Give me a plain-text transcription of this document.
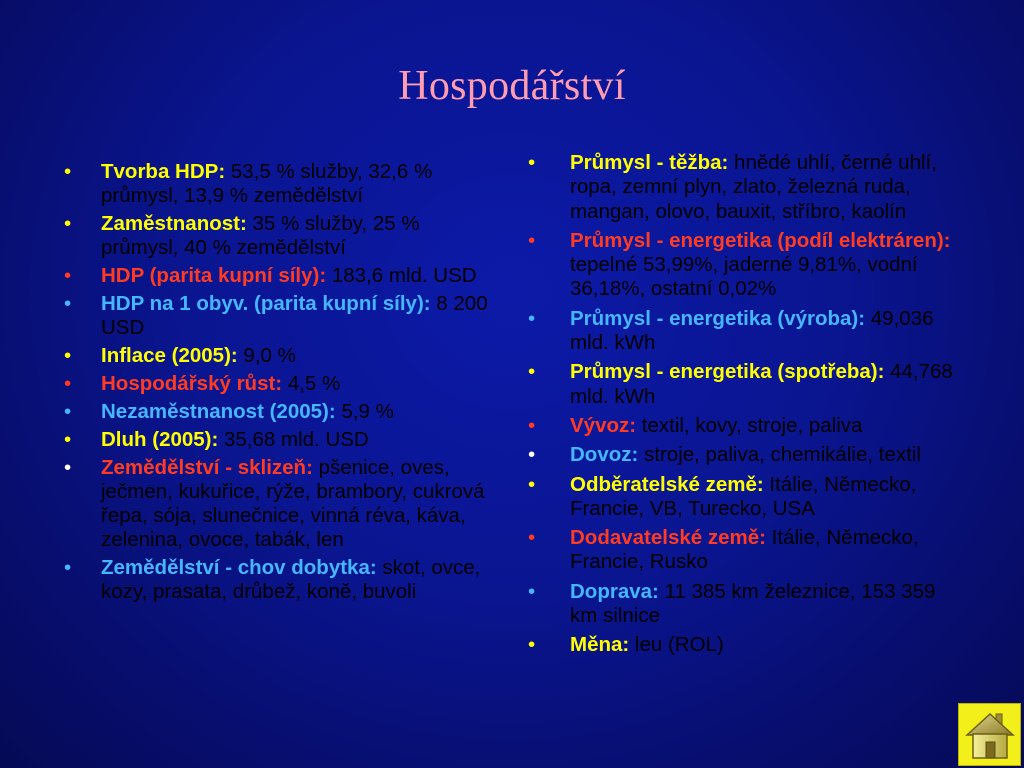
Hospodářství
• Tvorba HDP: 53,5 % služby, 32,6 % průmysl, 13,9 % zemědělství
• Zaměstnanost: 35 % služby, 25 % průmysl, 40 % zemědělství
• HDP (parita kupní síly): 183,6 mld. USD
• HDP na 1 obyv. (parita kupní síly): 8 200 USD
• Inflace (2005): 9,0 %
• Hospodářský růst: 4,5 %
• Nezaměstnanost (2005): 5,9 %
• Dluh (2005): 35,68 mld. USD
• Zemědělství - sklizeň: pšenice, oves, ječmen, kukuřice, rýže, brambory, cukrová řepa, sója, slunečnice, vinná réva, káva, zelenina, ovoce, tabák, len
• Zemědělství - chov dobytka: skot, ovce, kozy, prasata, drůbež, koně, buvoli
• Průmysl - těžba: hnědé uhlí, černé uhlí, ropa, zemní plyn, zlato, železná ruda, mangan, olovo, bauxit, stříbro, kaolín
• Průmysl - energetika (podíl elektráren): tepelné 53,99%, jaderné 9,81%, vodní 36,18%, ostatní 0,02%
• Průmysl - energetika (výroba): 49,036 mld. kWh
• Průmysl - energetika (spotřeba): 44,768 mld. kWh
• Vývoz: textil, kovy, stroje, paliva
• Dovoz: stroje, paliva, chemikálie, textil
• Odběratelské země: Itálie, Německo, Francie, VB, Turecko, USA
• Dodavatelské země: Itálie, Německo, Francie, Rusko
• Doprava: 11 385 km železnice, 153 359 km silnice
• Měna: leu (ROL)
